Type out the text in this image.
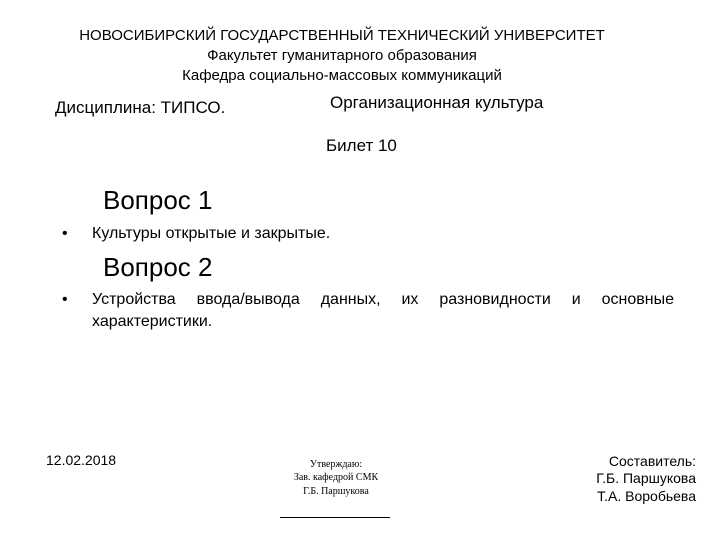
НОВОСИБИРСКИЙ ГОСУДАРСТВЕННЫЙ ТЕХНИЧЕСКИЙ УНИВЕРСИТЕТ
Факультет гуманитарного образования
Кафедра социально-массовых коммуникаций
Дисциплина: ТИПСО.	Организационная культура
Билет 10
Вопрос 1
• Культуры открытые и закрытые.
Вопрос 2
• Устройства ввода/вывода данных, их разновидности и основные характеристики.
12.02.2018	Утверждаю:
Зав. кафедрой СМК
Г.Б. Паршукова
Составитель:
Г.Б. Паршукова
Т.А. Воробьева
